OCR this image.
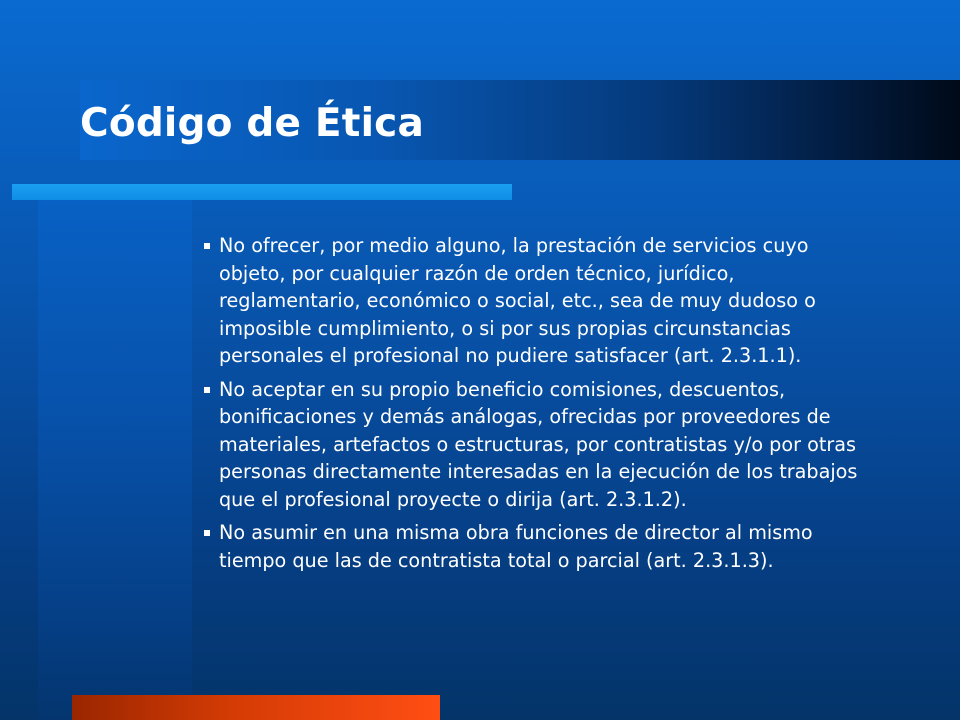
Código de Ética
No ofrecer, por medio alguno, la prestación de servicios cuyo objeto, por cualquier razón de orden técnico, jurídico, reglamentario, económico o social, etc., sea de muy dudoso o imposible cumplimiento, o si por sus propias circunstancias personales el profesional no pudiere satisfacer (art. 2.3.1.1).
No aceptar en su propio beneficio comisiones, descuentos, bonificaciones y demás análogas, ofrecidas por proveedores de materiales, artefactos o estructuras, por contratistas y/o por otras personas directamente interesadas en la ejecución de los trabajos que el profesional proyecte o dirija (art. 2.3.1.2).
No asumir en una misma obra funciones de director al mismo tiempo que las de contratista total o parcial (art. 2.3.1.3).
